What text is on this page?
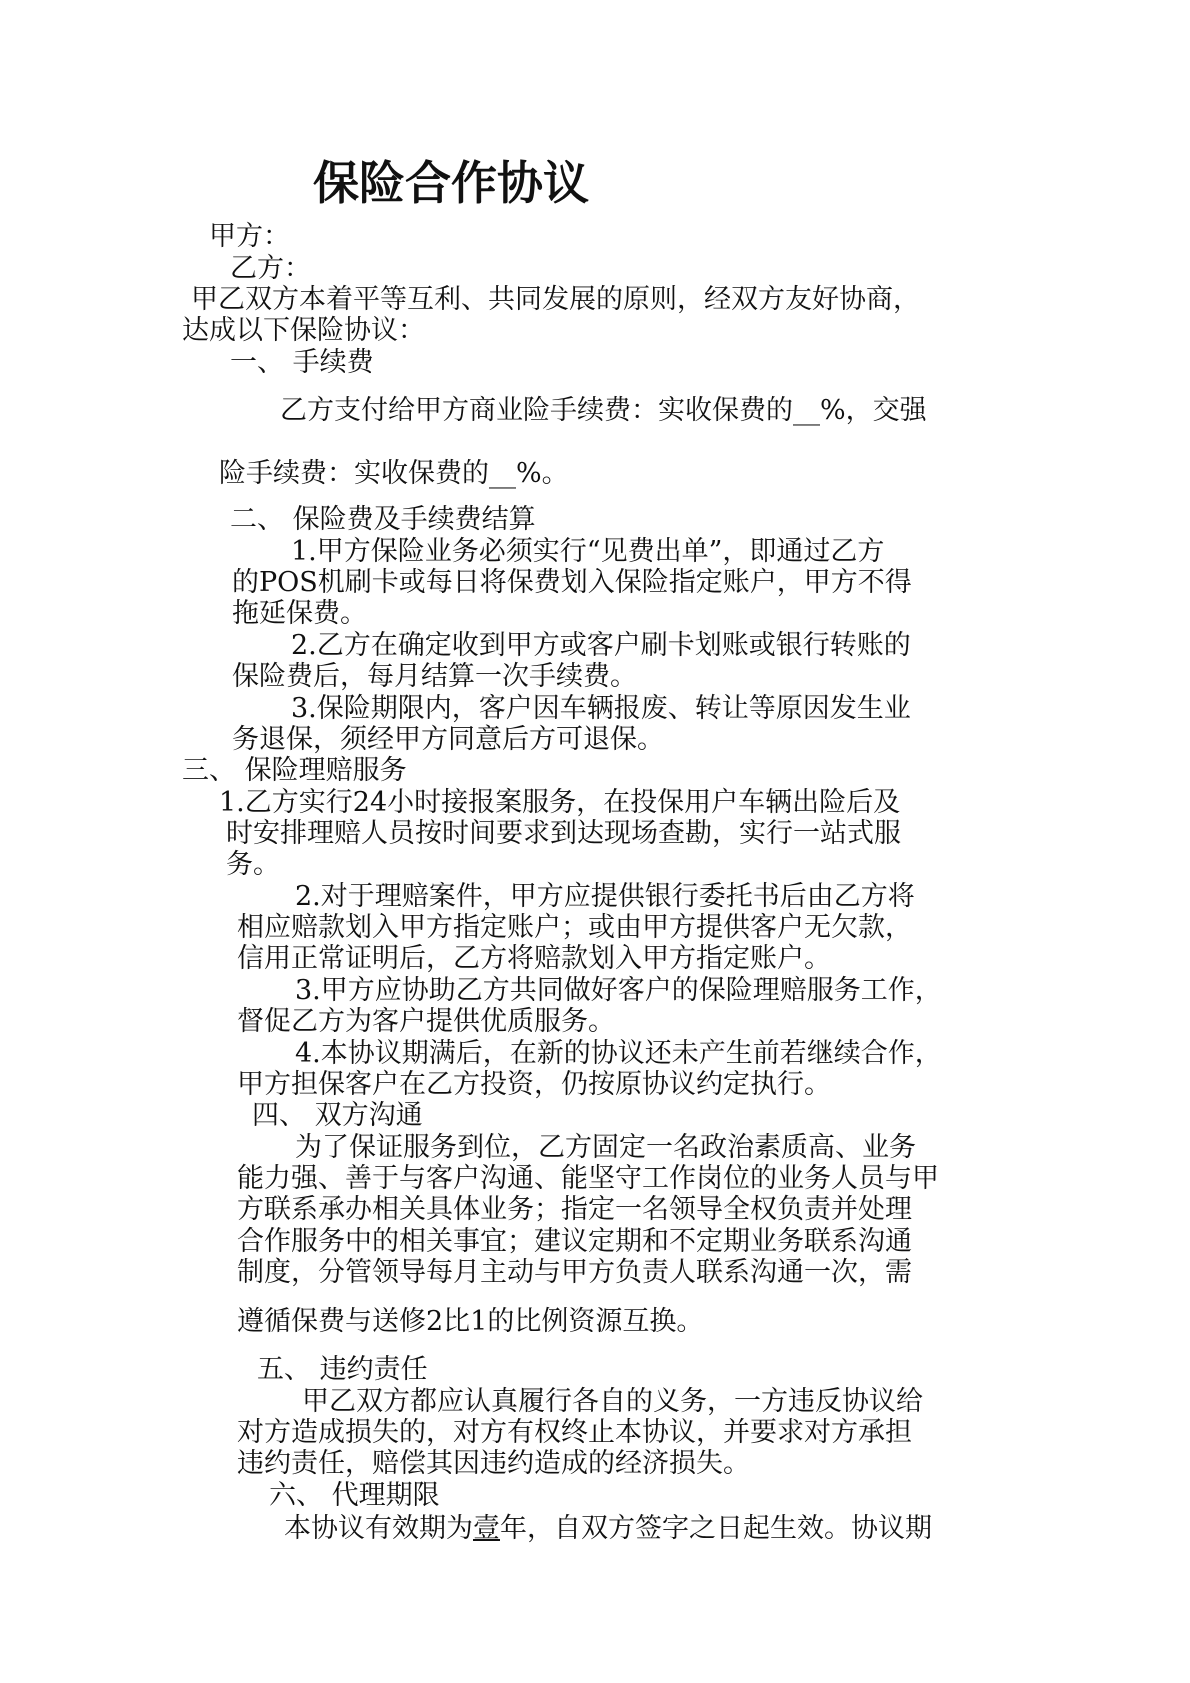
保险合作协议
甲方：
乙方：
甲乙双方本着平等互利、共同发展的原则，经双方友好协商，
达成以下保险协议：
一、 手续费
乙方支付给甲方商业险手续费：实收保费的__%，交强
险手续费：实收保费的__%。
二、 保险费及手续费结算
1.甲方保险业务必须实行“见费出单”，即通过乙方
的POS机刷卡或每日将保费划入保险指定账户，甲方不得
拖延保费。
2.乙方在确定收到甲方或客户刷卡划账或银行转账的
保险费后，每月结算一次手续费。
3.保险期限内，客户因车辆报废、转让等原因发生业
务退保，须经甲方同意后方可退保。
三、 保险理赔服务
1.乙方实行24小时接报案服务，在投保用户车辆出险后及
时安排理赔人员按时间要求到达现场查勘，实行一站式服
务。
2.对于理赔案件，甲方应提供银行委托书后由乙方将
相应赔款划入甲方指定账户；或由甲方提供客户无欠款，
信用正常证明后，乙方将赔款划入甲方指定账户。
3.甲方应协助乙方共同做好客户的保险理赔服务工作，
督促乙方为客户提供优质服务。
4.本协议期满后，在新的协议还未产生前若继续合作，
甲方担保客户在乙方投资，仍按原协议约定执行。
四、 双方沟通
为了保证服务到位，乙方固定一名政治素质高、业务
能力强、善于与客户沟通、能坚守工作岗位的业务人员与甲
方联系承办相关具体业务；指定一名领导全权负责并处理
合作服务中的相关事宜；建议定期和不定期业务联系沟通
制度，分管领导每月主动与甲方负责人联系沟通一次，需
遵循保费与送修2比1的比例资源互换。
五、 违约责任
甲乙双方都应认真履行各自的义务，一方违反协议给
对方造成损失的，对方有权终止本协议，并要求对方承担
违约责任，赔偿其因违约造成的经济损失。
六、 代理期限
本协议有效期为壹年，自双方签字之日起生效。协议期
